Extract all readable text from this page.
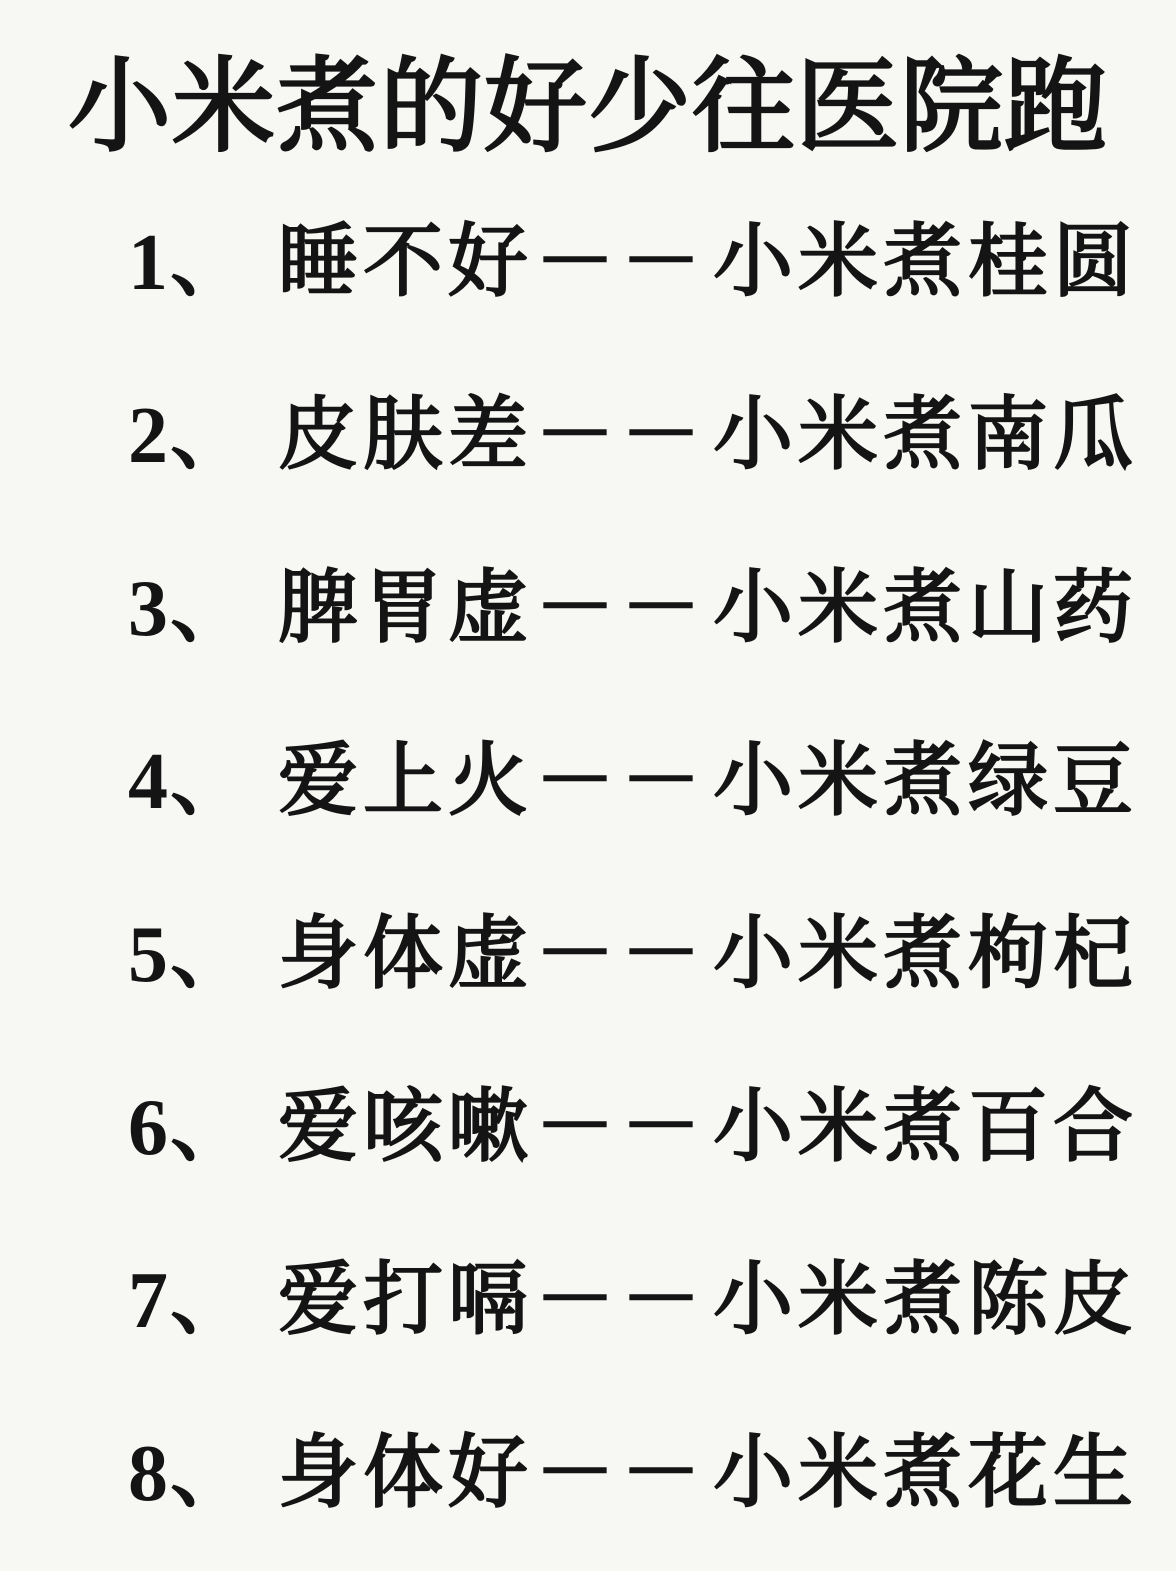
小米煮的好少往医院跑
1、 睡不好 －－ 小米煮桂圆
2、 皮肤差 －－ 小米煮南瓜
3、 脾胃虚 －－ 小米煮山药
4、 爱上火 －－ 小米煮绿豆
5、 身体虚 －－ 小米煮枸杞
6、 爱咳嗽 －－ 小米煮百合
7、 爱打嗝 －－ 小米煮陈皮
8、 身体好 －－ 小米煮花生
